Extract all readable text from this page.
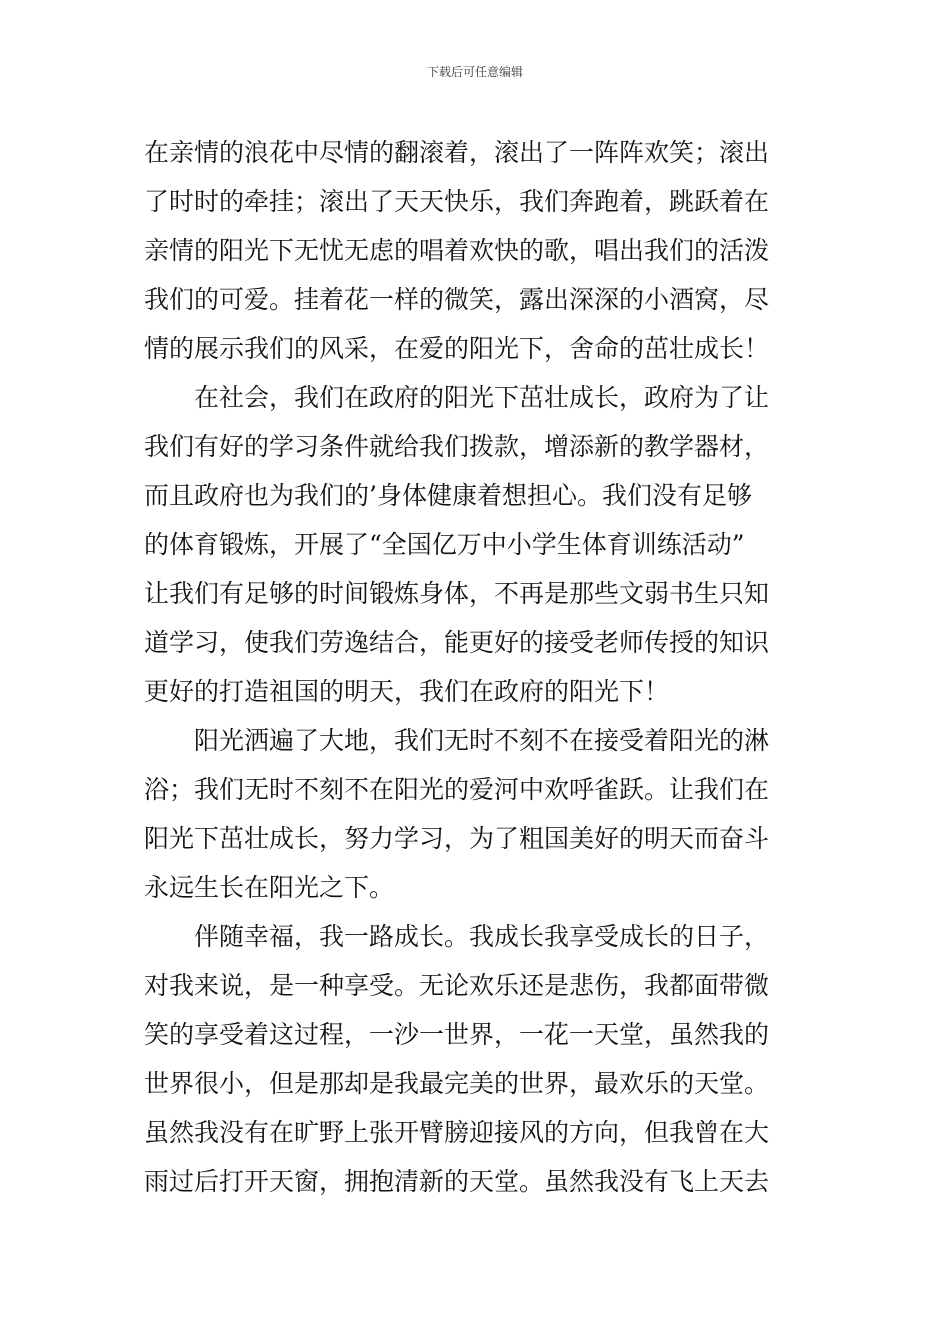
下载后可任意编辑
在亲情的浪花中尽情的翻滚着，滚出了一阵阵欢笑；滚出
了时时的牵挂；滚出了天天快乐，我们奔跑着，跳跃着在
亲情的阳光下无忧无虑的唱着欢快的歌，唱出我们的活泼
我们的可爱。挂着花一样的微笑，露出深深的小酒窝，尽
情的展示我们的风采，在爱的阳光下，舍命的茁壮成长！
在社会，我们在政府的阳光下茁壮成长，政府为了让
我们有好的学习条件就给我们拨款，增添新的教学器材，
而且政府也为我们的’身体健康着想担心。我们没有足够
的体育锻炼，开展了“全国亿万中小学生体育训练活动”
让我们有足够的时间锻炼身体，不再是那些文弱书生只知
道学习，使我们劳逸结合，能更好的接受老师传授的知识
更好的打造祖国的明天，我们在政府的阳光下！
阳光洒遍了大地，我们无时不刻不在接受着阳光的淋
浴；我们无时不刻不在阳光的爱河中欢呼雀跃。让我们在
阳光下茁壮成长，努力学习，为了粗国美好的明天而奋斗
永远生长在阳光之下。
伴随幸福，我一路成长。我成长我享受成长的日子，
对我来说，是一种享受。无论欢乐还是悲伤，我都面带微
笑的享受着这过程，一沙一世界，一花一天堂，虽然我的
世界很小，但是那却是我最完美的世界，最欢乐的天堂。
虽然我没有在旷野上张开臂膀迎接风的方向，但我曾在大
雨过后打开天窗，拥抱清新的天堂。虽然我没有飞上天去
